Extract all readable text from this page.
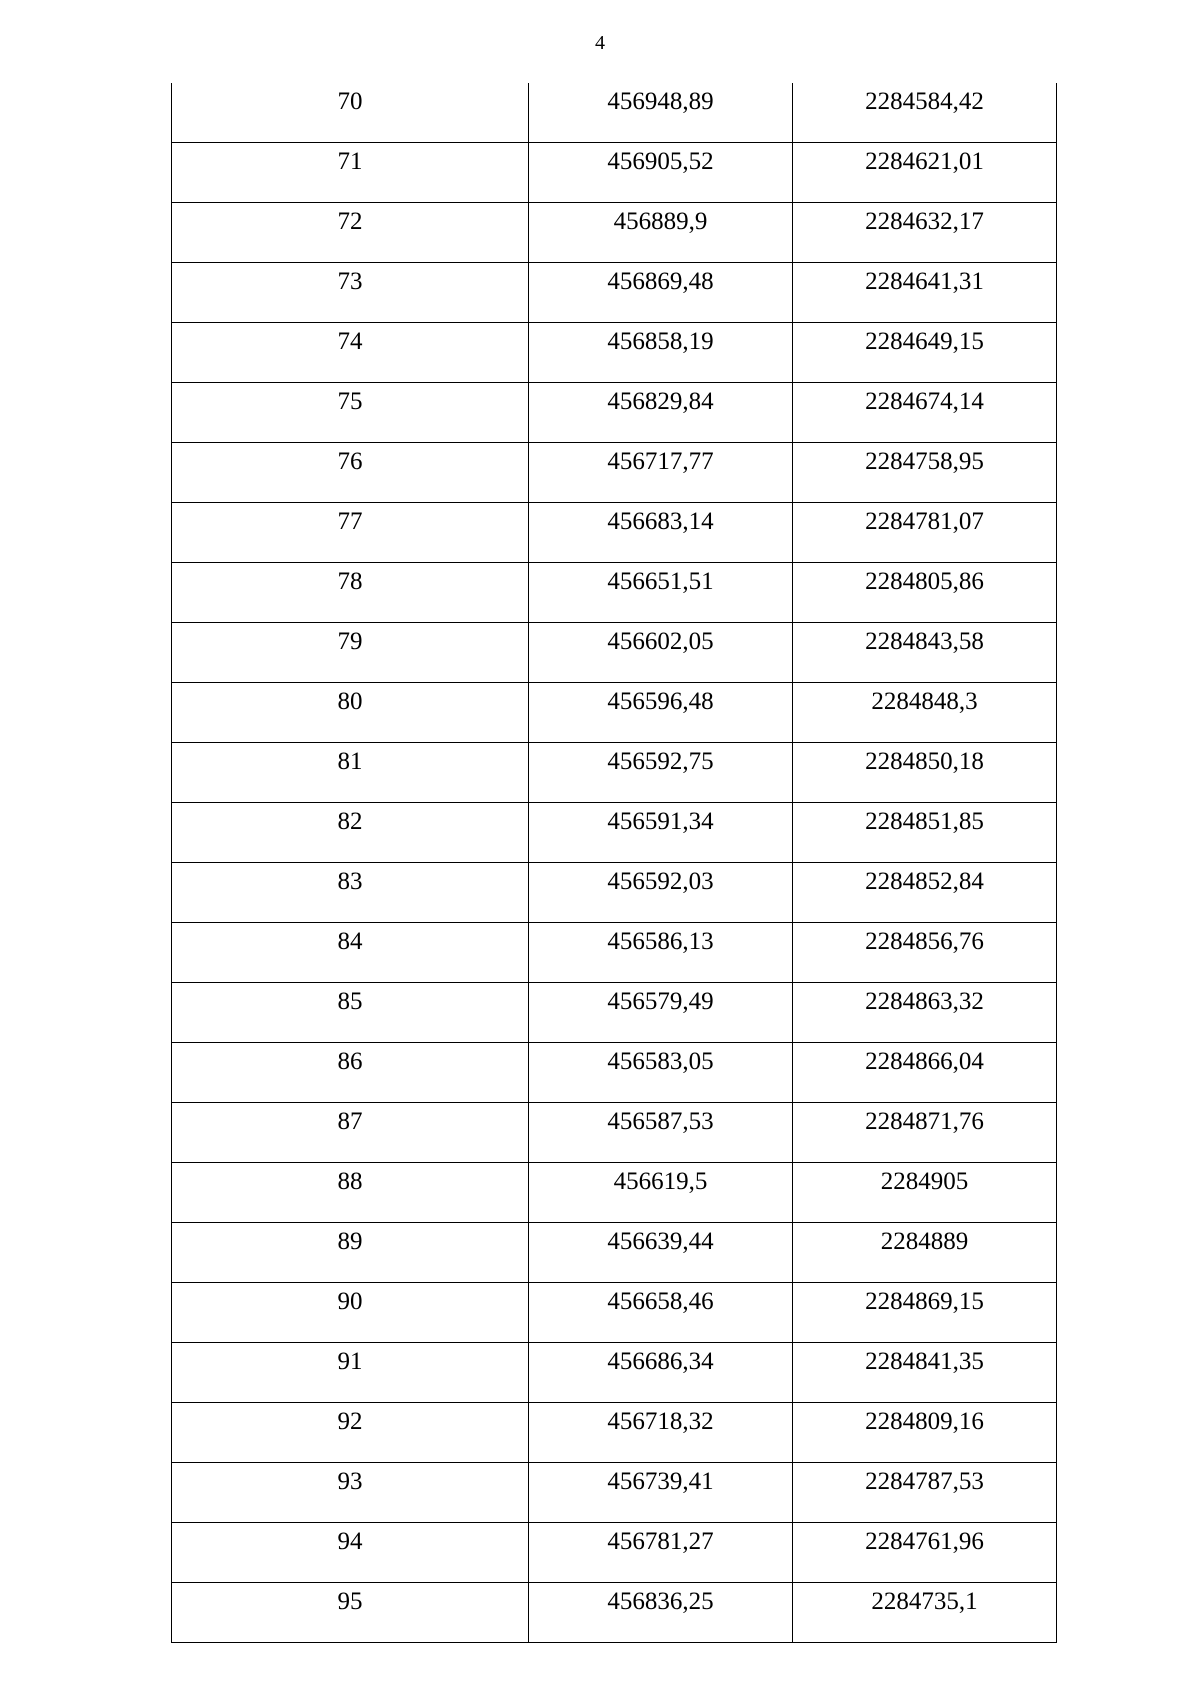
4
70	456948,89	2284584,42
71	456905,52	2284621,01
72	456889,9	2284632,17
73	456869,48	2284641,31
74	456858,19	2284649,15
75	456829,84	2284674,14
76	456717,77	2284758,95
77	456683,14	2284781,07
78	456651,51	2284805,86
79	456602,05	2284843,58
80	456596,48	2284848,3
81	456592,75	2284850,18
82	456591,34	2284851,85
83	456592,03	2284852,84
84	456586,13	2284856,76
85	456579,49	2284863,32
86	456583,05	2284866,04
87	456587,53	2284871,76
88	456619,5	2284905
89	456639,44	2284889
90	456658,46	2284869,15
91	456686,34	2284841,35
92	456718,32	2284809,16
93	456739,41	2284787,53
94	456781,27	2284761,96
95	456836,25	2284735,1
